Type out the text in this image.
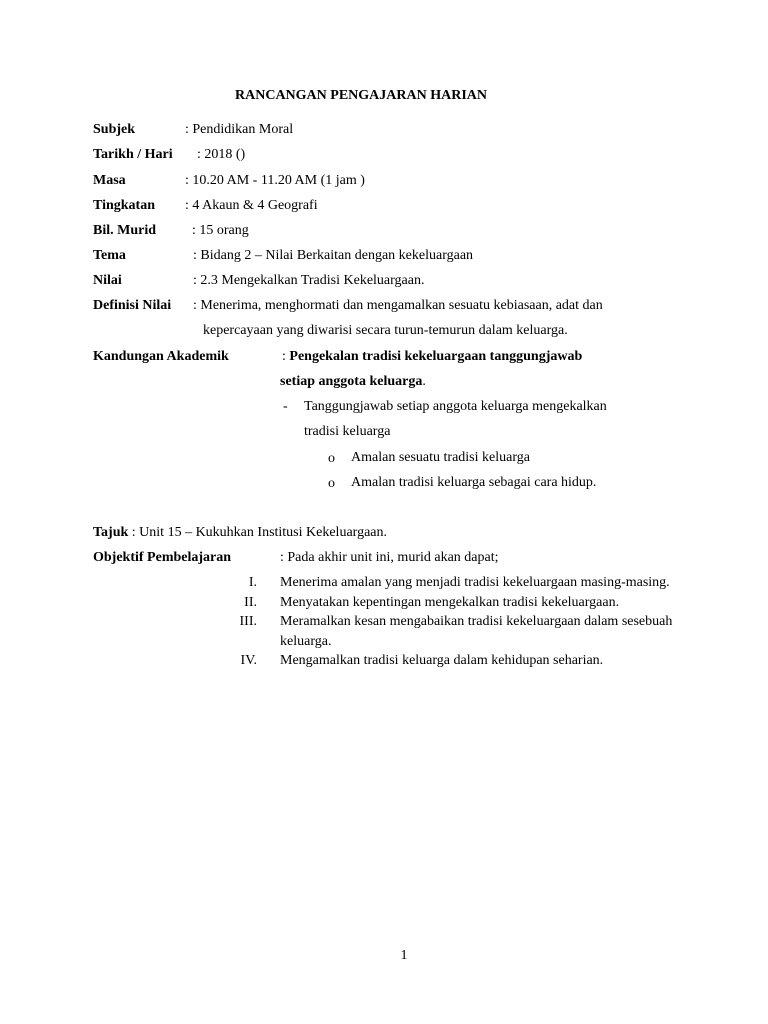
RANCANGAN PENGAJARAN HARIAN
Subjek	: Pendidikan Moral
Tarikh / Hari : 2018 ()
Masa	: 10.20 AM - 11.20 AM (1 jam )
Tingkatan : 4 Akaun & 4 Geografi
Bil. Murid	: 15 orang
Tema	: Bidang 2 – Nilai Berkaitan dengan kekeluargaan
Nilai	: 2.3 Mengekalkan Tradisi Kekeluargaan.
Definisi Nilai : Menerima, menghormati dan mengamalkan sesuatu kebiasaan, adat dan
kepercayaan yang diwarisi secara turun-temurun dalam keluarga.
Kandungan Akademik	: Pengekalan tradisi kekeluargaan tanggungjawab
setiap anggota keluarga.
- Tanggungjawab setiap anggota keluarga mengekalkan
tradisi keluarga
o Amalan sesuatu tradisi keluarga
o Amalan tradisi keluarga sebagai cara hidup.
Tajuk : Unit 15 – Kukuhkan Institusi Kekeluargaan.
Objektif Pembelajaran	: Pada akhir unit ini, murid akan dapat;
I. Menerima amalan yang menjadi tradisi kekeluargaan masing-masing.
II. Menyatakan kepentingan mengekalkan tradisi kekeluargaan.
III. Meramalkan kesan mengabaikan tradisi kekeluargaan dalam sesebuah
keluarga.
IV. Mengamalkan tradisi keluarga dalam kehidupan seharian.
1
